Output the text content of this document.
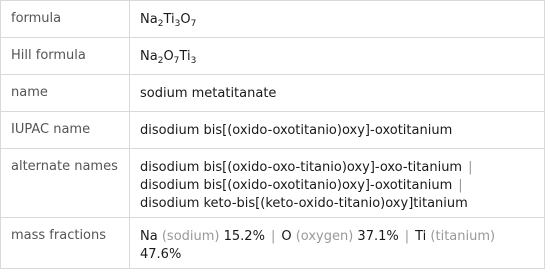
formula	$Na_2Ti_3O_7$
Hill formula	$Na_2O_7Ti_3$
name	sodium metatitanate
IUPAC name	disodium bis[(oxido-oxotitanio)oxy]-oxotitanium
alternate names	disodium bis[(oxido-oxo-titanio)oxy]-oxo-titanium |
disodium bis[(oxido-oxotitanio)oxy]-oxotitanium |
disodium keto-bis[(keto-oxido-titanio)oxy]titanium
mass fractions	Na (sodium) 15.2% | O (oxygen) 37.1% | Ti (titanium)
47.6%
